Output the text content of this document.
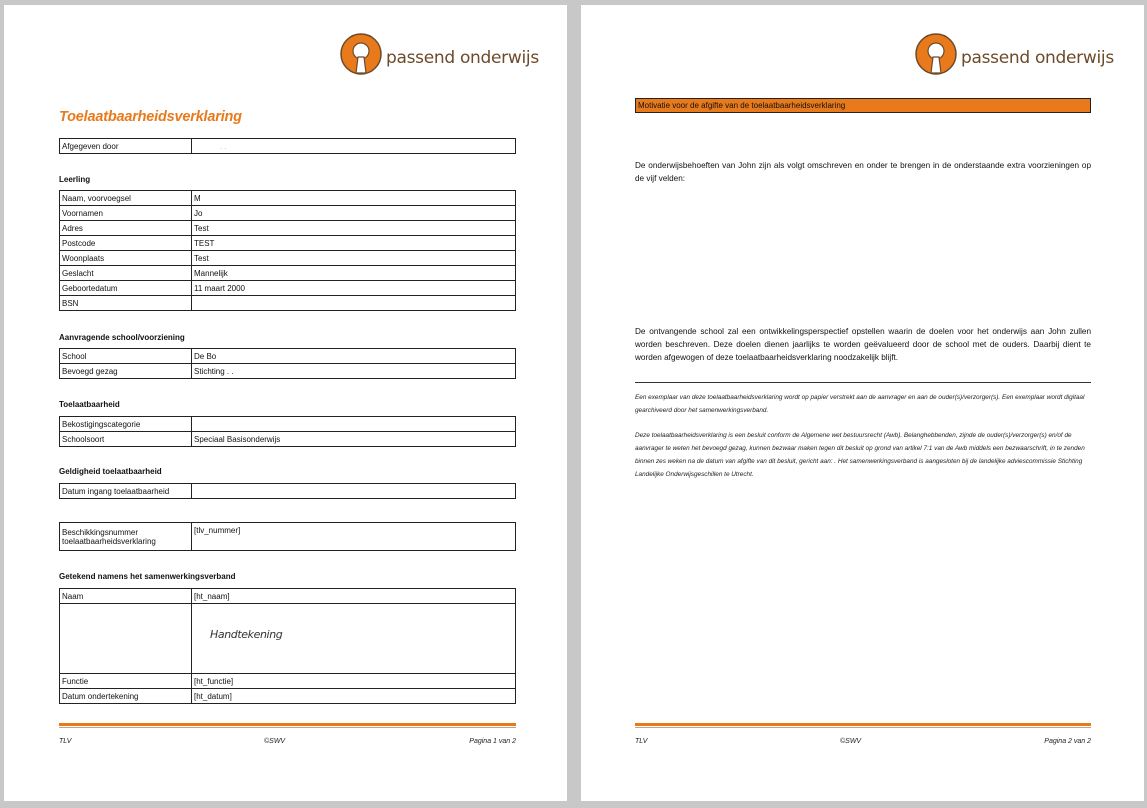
passend onderwijs
Toelaatbaarheidsverklaring
Afgegeven door	. .
Leerling
Naam, voorvoegsel	M
Voornamen	Jo
Adres	Test
Postcode	TEST
Woonplaats	Test
Geslacht	Mannelijk
Geboortedatum	11 maart 2000
BSN	
Aanvragende school/voorziening
School	De Bo
Bevoegd gezag	Stichting . .
Toelaatbaarheid
Bekostigingscategorie	
Schoolsoort	Speciaal Basisonderwijs
Geldigheid toelaatbaarheid
Datum ingang toelaatbaarheid	
Beschikkingsnummer toelaatbaarheidsverklaring	[tlv_nummer]
Getekend namens het samenwerkingsverband
Naam	[ht_naam]

	Handtekening

Functie	[ht_functie]
Datum ondertekening	[ht_datum]
TLV	©SWV	Pagina 1 van 2
passend onderwijs
Motivatie voor de afgifte van de toelaatbaarheidsverklaring
De onderwijsbehoeften van John zijn als volgt omschreven en onder te brengen in de onderstaande extra voorzieningen op de vijf velden:
De ontvangende school zal een ontwikkelingsperspectief opstellen waarin de doelen voor het onderwijs aan John zullen worden beschreven. Deze doelen dienen jaarlijks te worden geëvalueerd door de school met de ouders. Daarbij dient te worden afgewogen of deze toelaatbaarheidsverklaring noodzakelijk blijft.
Een exemplaar van deze toelaatbaarheidsverklaring wordt op papier verstrekt aan de aanvrager en aan de ouder(s)/verzorger(s). Een exemplaar wordt digitaal gearchiveerd door het samenwerkingsverband.
Deze toelaatbaarheidsverklaring is een besluit conform de Algemene wet bestuursrecht (Awb). Belanghebbenden, zijnde de ouder(s)/verzorger(s) en/of de aanvrager te weten het bevoegd gezag, kunnen bezwaar maken tegen dit besluit op grond van artikel 7:1 van de Awb middels een bezwaarschrift, in te zenden binnen zes weken na de datum van afgifte van dit besluit, gericht aan: . Het samenwerkingsverband is aangesloten bij de landelijke adviescommissie Stichting Landelijke Onderwijsgeschillen te Utrecht.
TLV	©SWV	Pagina 2 van 2
